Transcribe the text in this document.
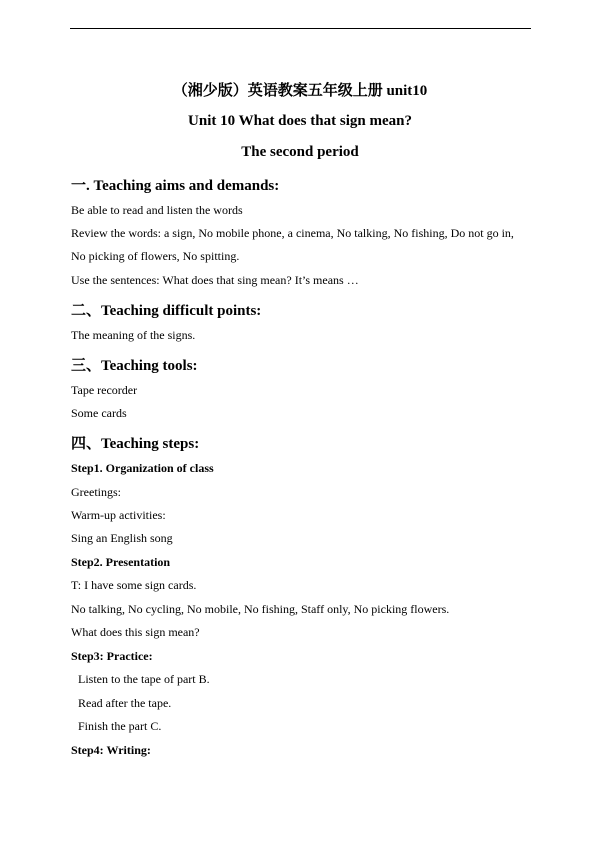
（湘少版）英语教案五年级上册 unit10
Unit 10 What does that sign mean?
The second period
一. Teaching aims and demands:
Be able to read and listen the words
Review the words: a sign, No mobile phone, a cinema, No talking, No fishing, Do not go in,
No picking of flowers, No spitting.
Use the sentences: What does that sing mean? It’s means …
二、Teaching difficult points:
The meaning of the signs.
三、Teaching tools:
Tape recorder
Some cards
四、Teaching steps:
Step1. Organization of class
Greetings:
Warm-up activities:
Sing an English song
Step2. Presentation
T: I have some sign cards.
No talking, No cycling, No mobile, No fishing, Staff only, No picking flowers.
What does this sign mean?
Step3: Practice:
Listen to the tape of part B.
Read after the tape.
Finish the part C.
Step4: Writing:
